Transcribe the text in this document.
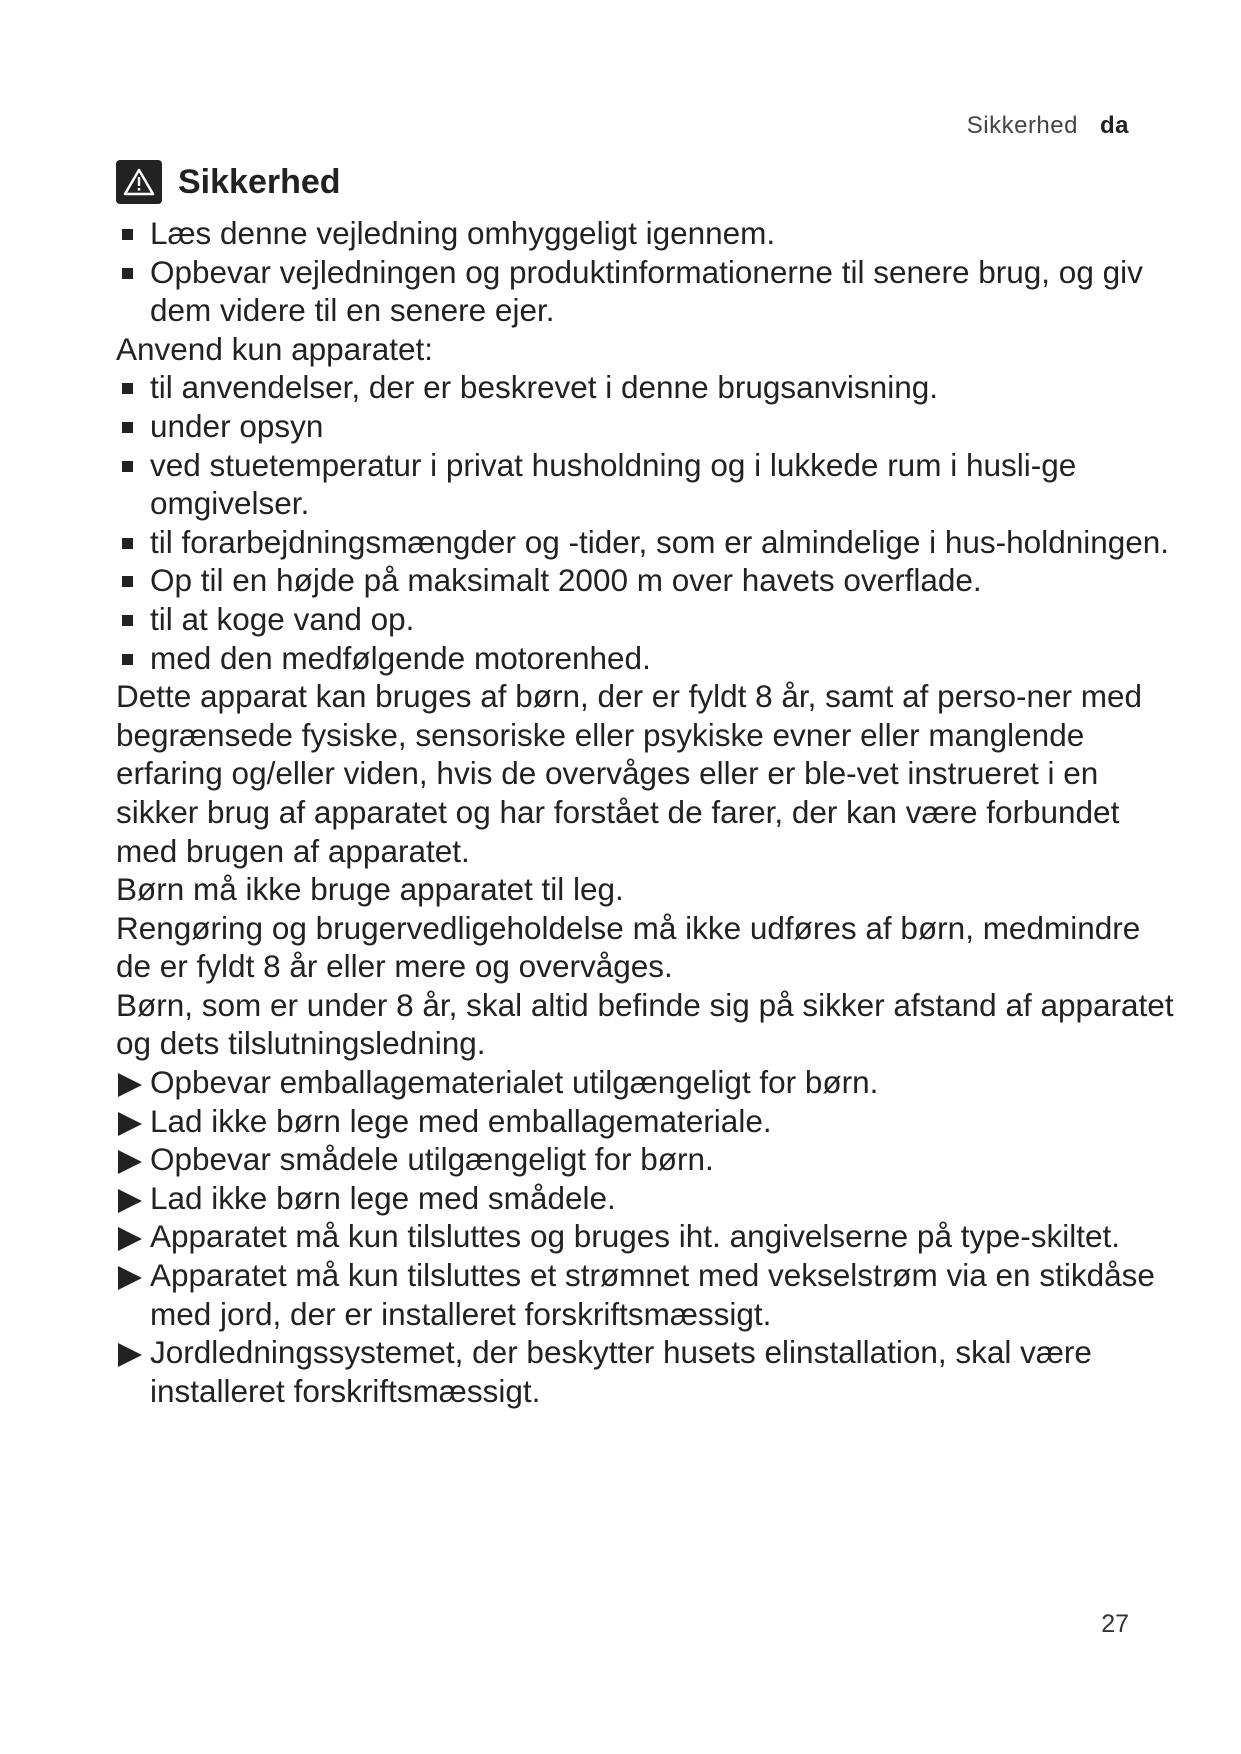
Sikkerhed da
Sikkerhed
Læs denne vejledning omhyggeligt igennem.
Opbevar vejledningen og produktinformationerne til senere brug, og giv dem videre til en senere ejer.

Anvend kun apparatet:

til anvendelser, der er beskrevet i denne brugsanvisning.
under opsyn
ved stuetemperatur i privat husholdning og i lukkede rum i husli-ge omgivelser.
til forarbejdningsmængder og -tider, som er almindelige i hus-holdningen.
Op til en højde på maksimalt 2000 m over havets overflade.
til at koge vand op.
med den medfølgende motorenhed.

Dette apparat kan bruges af børn, der er fyldt 8 år, samt af perso-ner med begrænsede fysiske, sensoriske eller psykiske evner eller manglende erfaring og/eller viden, hvis de overvåges eller er ble-vet instrueret i en sikker brug af apparatet og har forstået de farer, der kan være forbundet med brugen af apparatet.

Børn må ikke bruge apparatet til leg.

Rengøring og brugervedligeholdelse må ikke udføres af børn, medmindre de er fyldt 8 år eller mere og overvåges.

Børn, som er under 8 år, skal altid befinde sig på sikker afstand af apparatet og dets tilslutningsledning.

Opbevar emballagematerialet utilgængeligt for børn.
Lad ikke børn lege med emballagemateriale.
Opbevar smådele utilgængeligt for børn.
Lad ikke børn lege med smådele.
Apparatet må kun tilsluttes og bruges iht. angivelserne på type-skiltet.
Apparatet må kun tilsluttes et strømnet med vekselstrøm via en stikdåse med jord, der er installeret forskriftsmæssigt.
Jordledningssystemet, der beskytter husets elinstallation, skal være installeret forskriftsmæssigt.
27
